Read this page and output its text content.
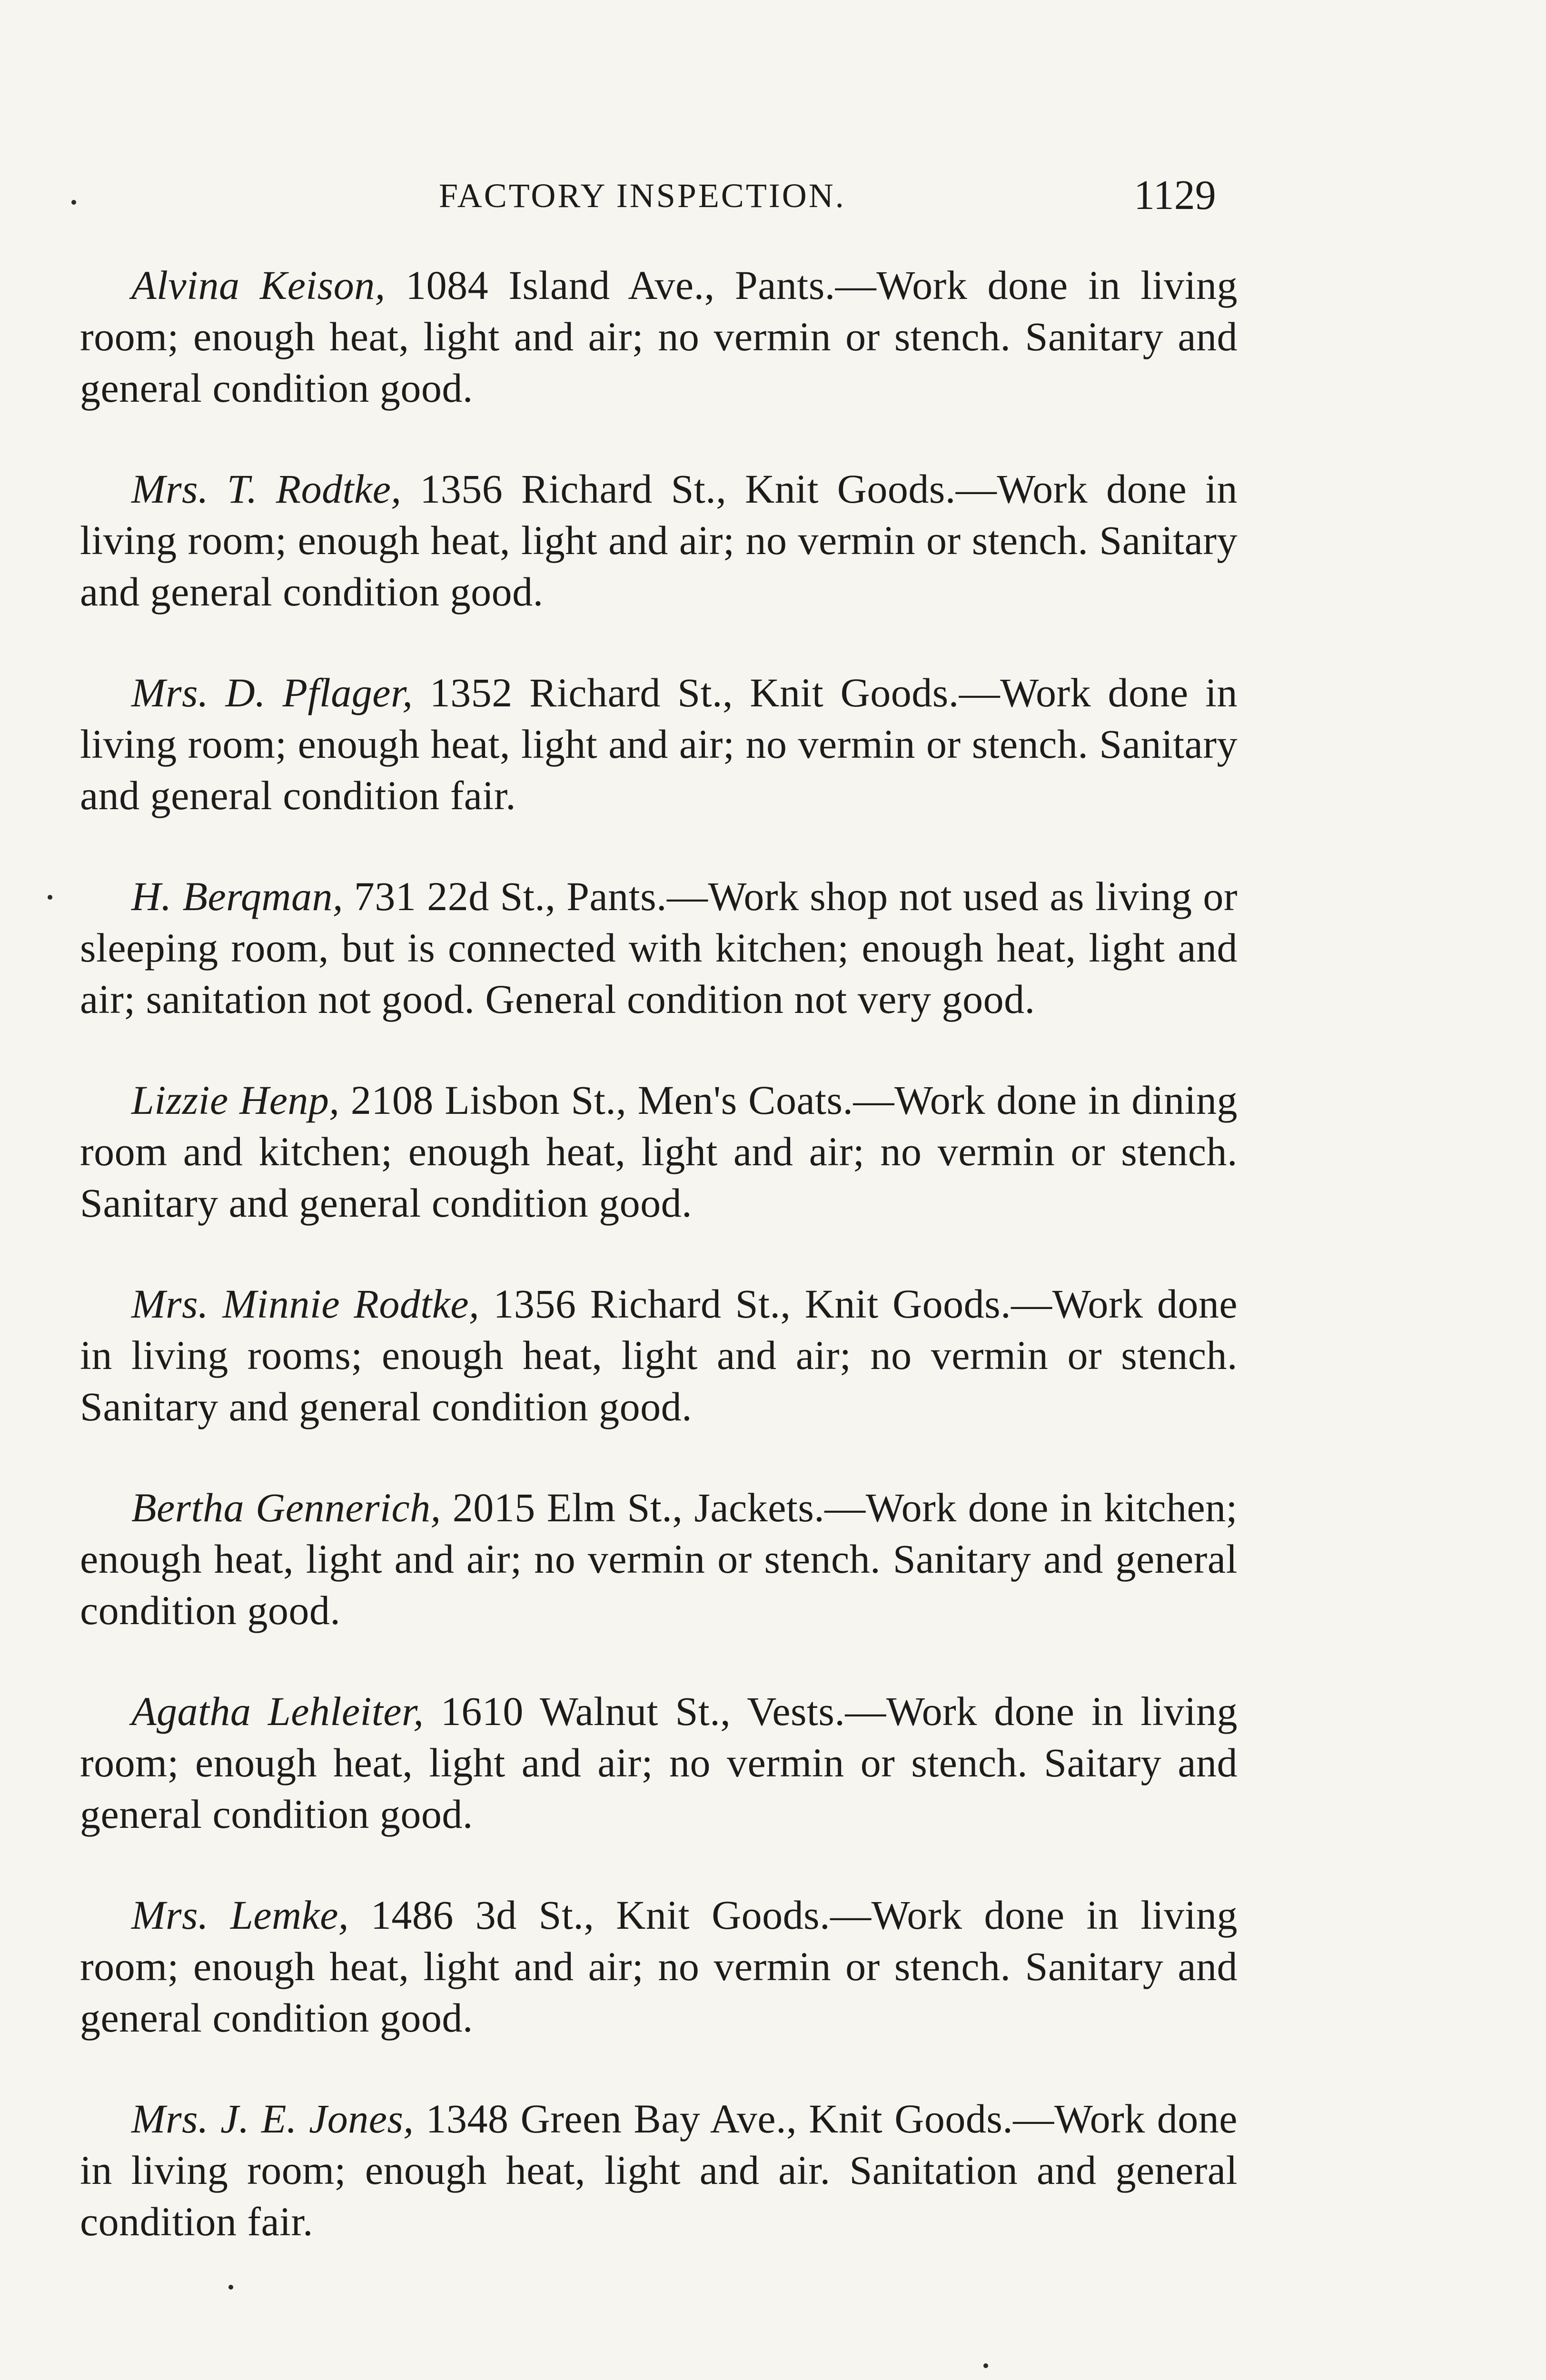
FACTORY INSPECTION.	1129

Alvina Keison, 1084 Island Ave., Pants.—Work done in living room; enough heat, light and air; no vermin or stench. Sanitary and general condition good.

Mrs. T. Rodtke, 1356 Richard St., Knit Goods.—Work done in living room; enough heat, light and air; no vermin or stench. Sanitary and general condition good.

Mrs. D. Pflager, 1352 Richard St., Knit Goods.—Work done in living room; enough heat, light and air; no vermin or stench. Sanitary and general condition fair.

H. Berqman, 731 22d St., Pants.—Work shop not used as living or sleeping room, but is connected with kitchen; enough heat, light and air; sanitation not good. General condition not very good.

Lizzie Henp, 2108 Lisbon St., Men's Coats.—Work done in dining room and kitchen; enough heat, light and air; no vermin or stench. Sanitary and general condition good.

Mrs. Minnie Rodtke, 1356 Richard St., Knit Goods.—Work done in living rooms; enough heat, light and air; no vermin or stench. Sanitary and general condition good.

Bertha Gennerich, 2015 Elm St., Jackets.—Work done in kitchen; enough heat, light and air; no vermin or stench. Sanitary and general condition good.

Agatha Lehleiter, 1610 Walnut St., Vests.—Work done in living room; enough heat, light and air; no vermin or stench. Saitary and general condition good.

Mrs. Lemke, 1486 3d St., Knit Goods.—Work done in living room; enough heat, light and air; no vermin or stench. Sanitary and general condition good.

Mrs. J. E. Jones, 1348 Green Bay Ave., Knit Goods.—Work done in living room; enough heat, light and air. Sanitation and general condition fair.
